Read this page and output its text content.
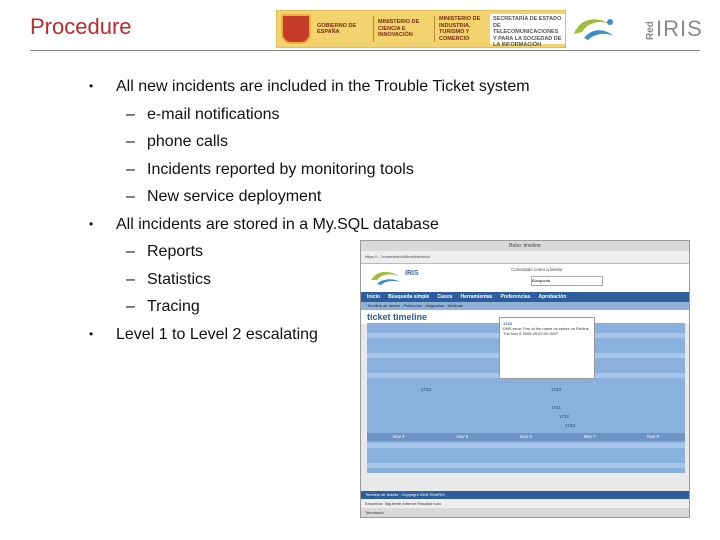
Procedure	GOBIERNO DE ESPAÑA
MINISTERIO DE CIENCIA E INNOVACIÓN
MINISTERIO DE INDUSTRIA, TURISMO Y COMERCIO
SECRETARÍA DE ESTADO DE TELECOMUNICACIONES Y PARA LA SOCIEDAD DE LA INFORMACIÓN
Red IRIS
• All new incidents are included in the Trouble Ticket system
– e-mail notifications
– phone calls
– Incidents reported by monitoring tools
– New service deployment
• All incidents are stored in a My.SQL database
– Reports
– Statistics
– Tracing
• Level 1 to Level 2 escalating
Bebo: timeline
https://...?comment=tt&timeline/inicio
IRIS
Conectado como a.benito
Búsqueda
Inicio Búsqueda simple Casos Herramientas Preferencias Aprobación
Timeline de tickets - Peticiones · Asignados · Medidas
ticket timeline
1723
DNS error: Pos of the name os sedes on Rediris
Thu Nov 6 2008 09:02:00 GMT
1723	1723
1721
1722
1724
Nov 4	Nov 5	Nov 6	Nov 7	Nov 8
Timeline de tickets · Copyright 2008 RedIRIS
Encontrar: Siguiente Anterior Resaltar todo
Terminado
